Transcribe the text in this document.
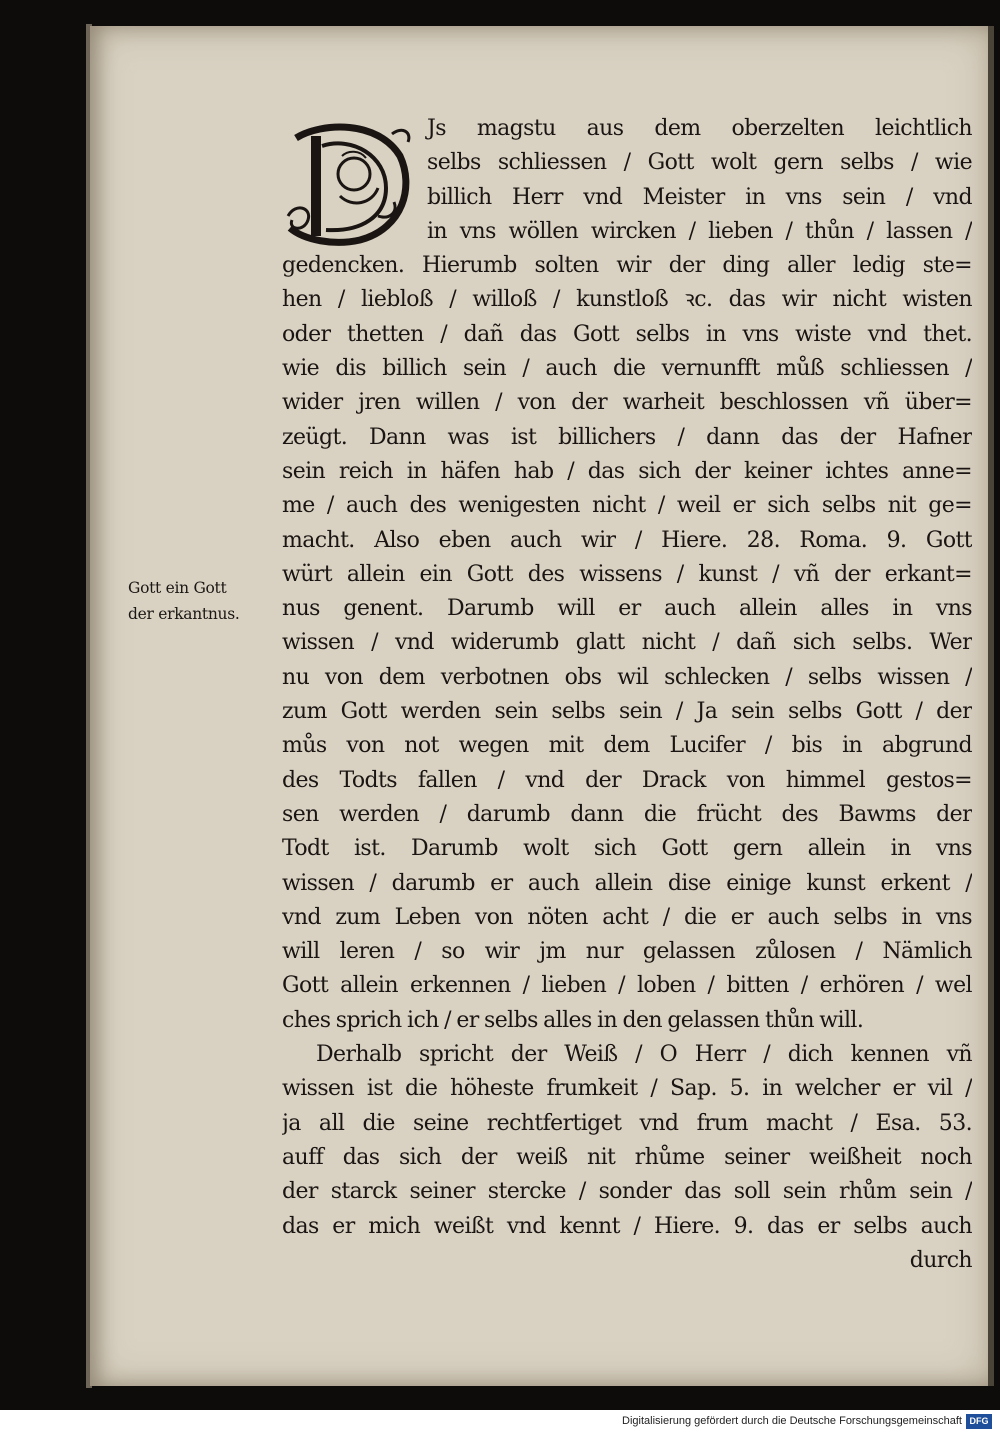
Gott ein Gott
der erkantnus.
D	Js magstu aus dem oberzelten leichtlich
selbs schliessen / Gott wolt gern selbs / wie
billich Herr vnd Meister in vns sein / vnd
in vns wöllen wircken / lieben / thůn / lassen /
gedencken. Hierumb solten wir der ding aller ledig ste=
hen / liebloß / willoß / kunstloß ꝛc. das wir nicht wisten
oder thetten / dañ das Gott selbs in vns wiste vnd thet.
wie dis billich sein / auch die vernunfft můß schliessen /
wider jren willen / von der warheit beschlossen vñ über=
zeügt. Dann was ist billichers / dann das der Hafner
sein reich in häfen hab / das sich der keiner ichtes anne=
me / auch des wenigesten nicht / weil er sich selbs nit ge=
macht. Also eben auch wir / Hiere. 28. Roma. 9. Gott
würt allein ein Gott des wissens / kunst / vñ der erkant=
nus genent. Darumb will er auch allein alles in vns
wissen / vnd widerumb glatt nicht / dañ sich selbs. Wer
nu von dem verbotnen obs wil schlecken / selbs wissen /
zum Gott werden sein selbs sein / Ja sein selbs Gott / der
můs von not wegen mit dem Lucifer / bis in abgrund
des Todts fallen / vnd der Drack von himmel gestos=
sen werden / darumb dann die frücht des Bawms der
Todt ist. Darumb wolt sich Gott gern allein in vns
wissen / darumb er auch allein dise einige kunst erkent /
vnd zum Leben von nöten acht / die er auch selbs in vns
will leren / so wir jm nur gelassen zůlosen / Nämlich
Gott allein erkennen / lieben / loben / bitten / erhören / wel
ches sprich ich / er selbs alles in den gelassen thůn will.
Derhalb spricht der Weiß / O Herr / dich kennen vñ
wissen ist die höheste frumkeit / Sap. 5. in welcher er vil /
ja all die seine rechtfertiget vnd frum macht / Esa. 53.
auff das sich der weiß nit rhůme seiner weißheit noch
der starck seiner stercke / sonder das soll sein rhům sein /
das er mich weißt vnd kennt / Hiere. 9. das er selbs auch
durch
Digitalisierung gefördert durch die Deutsche Forschungsgemeinschaft DFG
